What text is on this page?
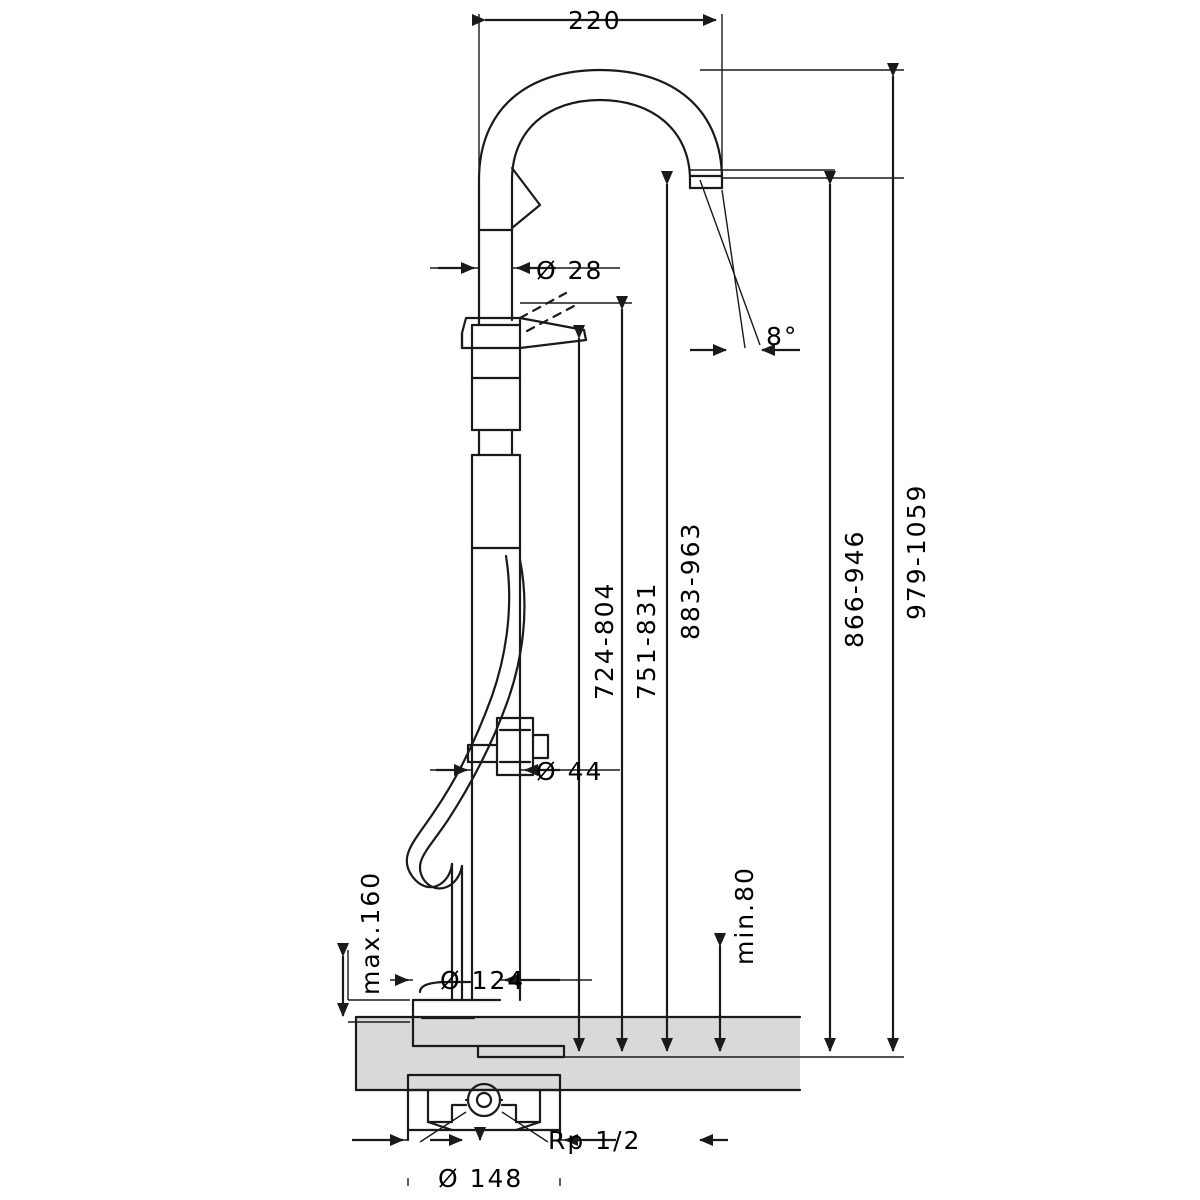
220
Ø 28
8°
Ø 44
Ø 124
Rp 1/2
Ø 148
979-1059
866-946
883-963
751-831
724-804
min.80
max.160
